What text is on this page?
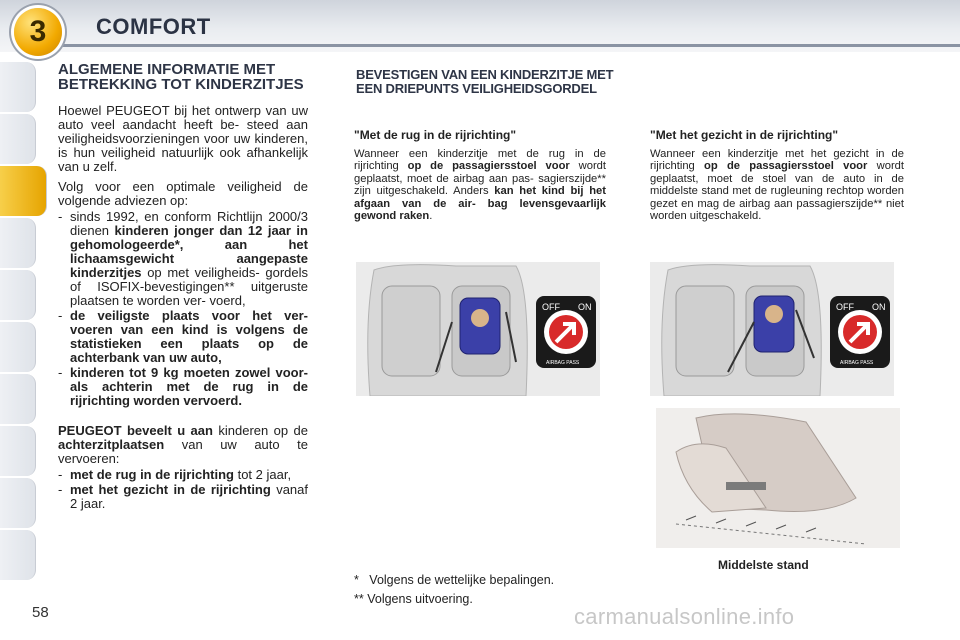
3	COMFORT
ALGEMENE INFORMATIE MET BETREKKING TOT KINDERZITJES

Hoewel PEUGEOT bij het ontwerp van uw auto veel aandacht heeft be- steed aan veiligheidsvoorzieningen voor uw kinderen, is hun veiligheid natuurlijk ook afhankelijk van u zelf.

Volg voor een optimale veiligheid de volgende adviezen op:

- sinds 1992, en conform Richtlijn 2000/3 dienen kinderen jonger dan 12 jaar in gehomologeerde*, aan het lichaamsgewicht aangepaste kinderzitjes op met veiligheids- gordels of ISOFIX-bevestigingen** uitgeruste plaatsen te worden ver- voerd,
- de veiligste plaats voor het ver- voeren van een kind is volgens de statistieken een plaats op de achterbank van uw auto,
- kinderen tot 9 kg moeten zowel voor- als achterin met de rug in de rijrichting worden vervoerd.

PEUGEOT beveelt u aan kinderen op de achterzitplaatsen van uw auto te vervoeren:

- met de rug in de rijrichting tot 2 jaar,
- met het gezicht in de rijrichting vanaf 2 jaar.
BEVESTIGEN VAN EEN KINDERZITJE MET EEN DRIEPUNTS VEILIGHEIDSGORDEL

"Met de rug in de rijrichting"

Wanneer een kinderzitje met de rug in de rijrichting op de passagiersstoel voor wordt geplaatst, moet de airbag aan pas- sagierszijde** zijn uitgeschakeld. Anders kan het kind bij het afgaan van de air- bag levensgevaarlijk gewond raken.

"Met het gezicht in de rijrichting"

Wanneer een kinderzitje met het gezicht in de rijrichting op de passagiersstoel voor wordt geplaatst, moet de stoel van de auto in de middelste stand met de rugleuning rechtop worden gezet en mag de airbag aan passagierszijde** niet worden uitgeschakeld.

OFF ON
AIRBAG PASS
OFF ON
AIRBAG PASS
Middelste stand
* Volgens de wettelijke bepalingen.
** Volgens uitvoering.
58	carmanualsonline.info
